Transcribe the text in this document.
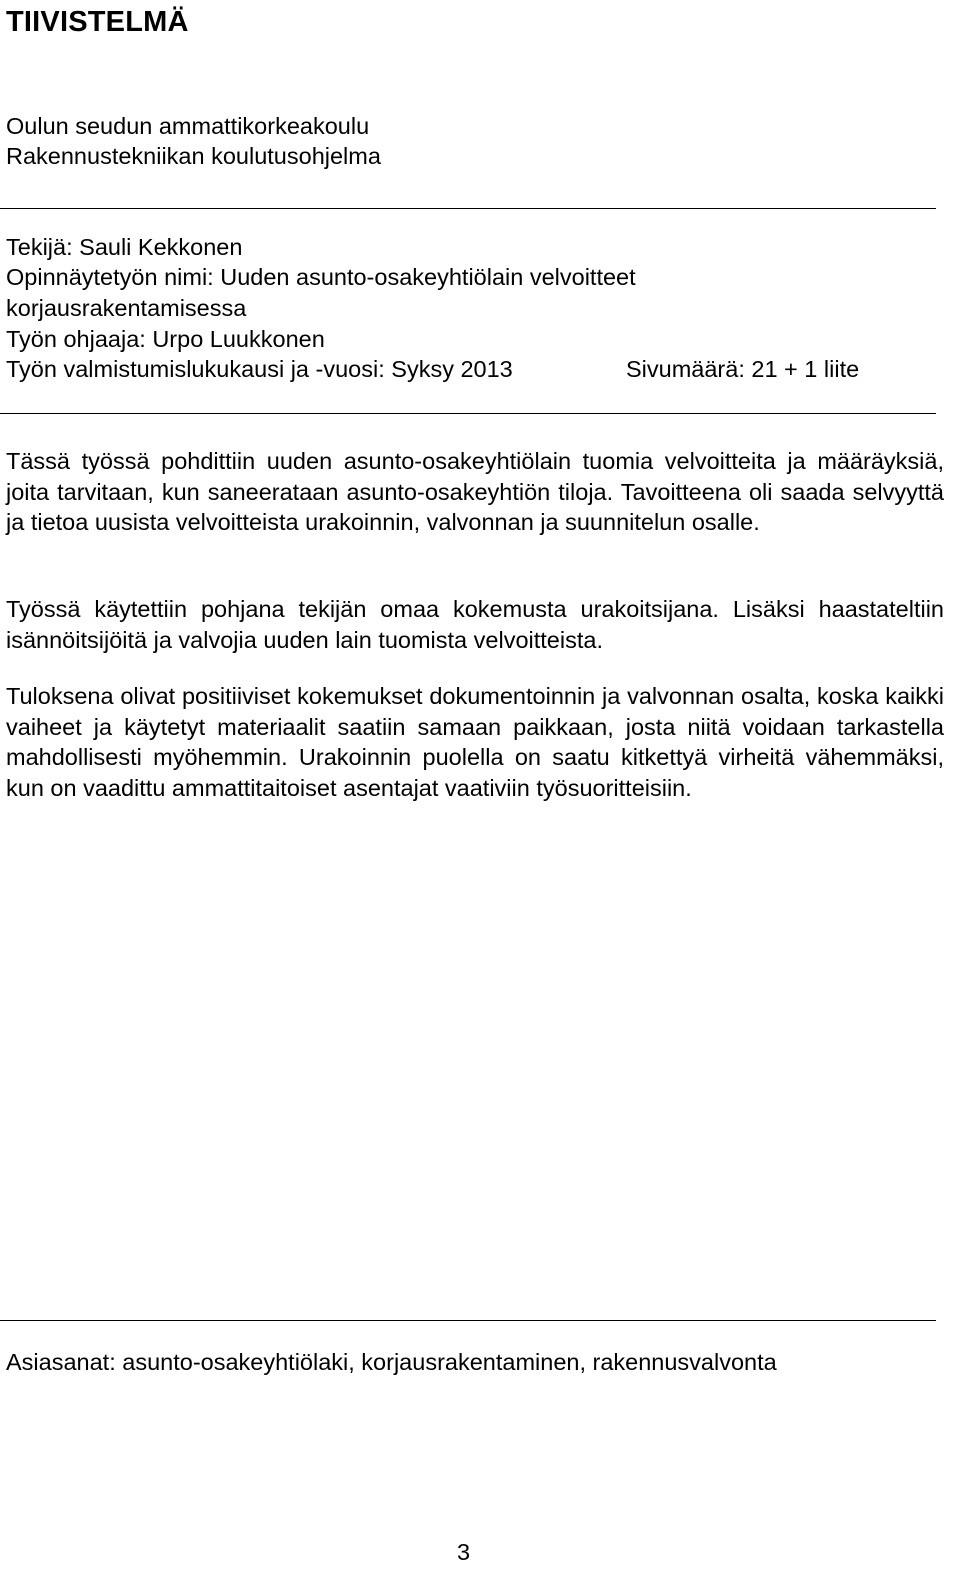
TIIVISTELMÄ
Oulun seudun ammattikorkeakoulu
Rakennustekniikan koulutusohjelma
Tekijä: Sauli Kekkonen
Opinnäytetyön nimi: Uuden asunto-osakeyhtiölain velvoitteet
korjausrakentamisessa
Työn ohjaaja: Urpo Luukkonen
Työn valmistumislukukausi ja -vuosi: Syksy 2013	Sivumäärä: 21 + 1 liite

Tässä työssä pohdittiin uuden asunto-osakeyhtiölain tuomia velvoitteita ja määräyksiä, joita tarvitaan, kun saneerataan asunto-osakeyhtiön tiloja. Tavoitteena oli saada selvyyttä ja tietoa uusista velvoitteista urakoinnin, valvonnan ja suunnitelun osalle.

Työssä käytettiin pohjana tekijän omaa kokemusta urakoitsijana. Lisäksi haastateltiin isännöitsijöitä ja valvojia uuden lain tuomista velvoitteista.

Tuloksena olivat positiiviset kokemukset dokumentoinnin ja valvonnan osalta, koska kaikki vaiheet ja käytetyt materiaalit saatiin samaan paikkaan, josta niitä voidaan tarkastella mahdollisesti myöhemmin. Urakoinnin puolella on saatu kitkettyä virheitä vähemmäksi, kun on vaadittu ammattitaitoiset asentajat vaativiin työsuoritteisiin.

Asiasanat: asunto-osakeyhtiölaki, korjausrakentaminen, rakennusvalvonta
3
